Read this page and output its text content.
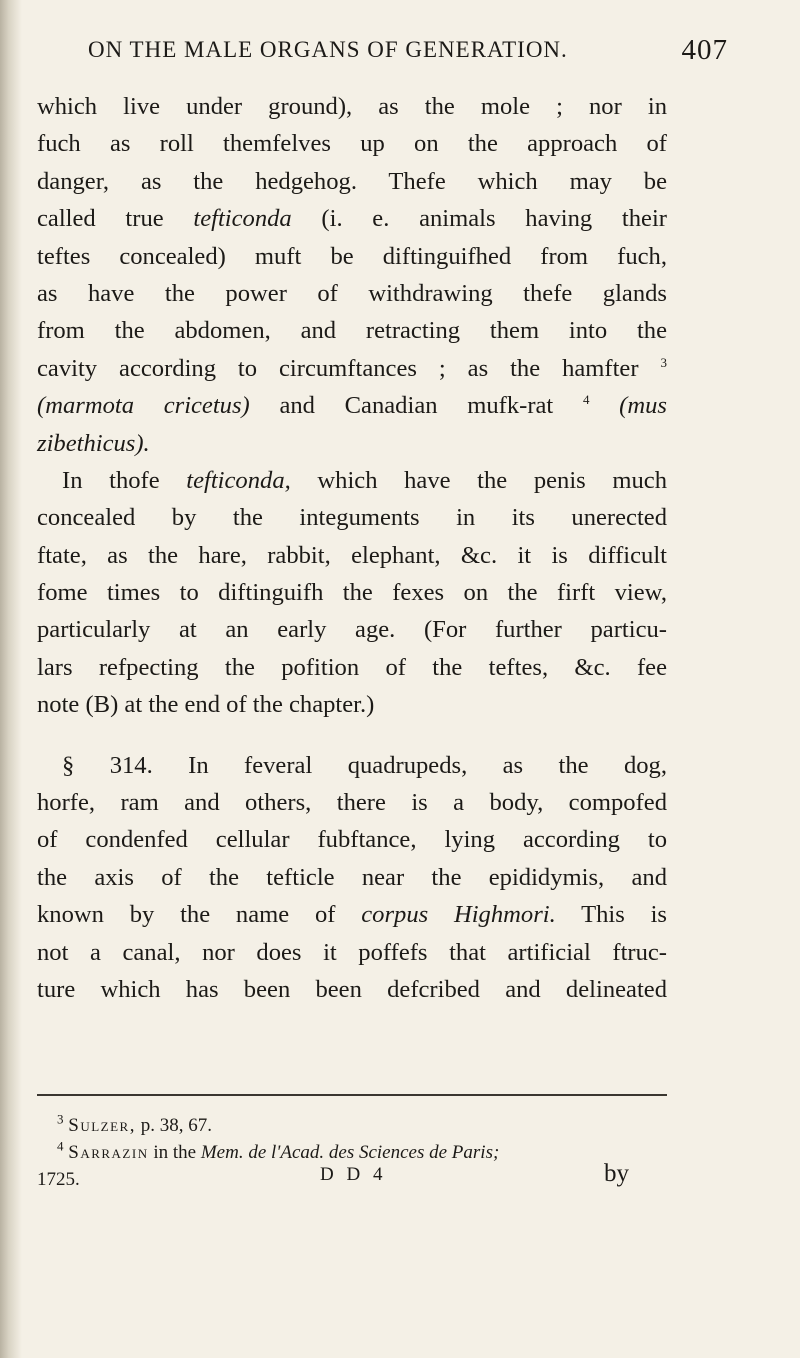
ON THE MALE ORGANS OF GENERATION.	407
which live under ground), as the mole ; nor in
fuch as roll themfelves up on the approach of
danger, as the hedgehog. Thefe which may be
called true tefticonda (i. e. animals having their
teftes concealed) muft be diftinguifhed from fuch,
as have the power of withdrawing thefe glands
from the abdomen, and retracting them into the
cavity according to circumftances ; as the hamfter $^3$
(marmota cricetus) and Canadian mufk-rat $^4$ (mus
zibethicus).
In thofe tefticonda, which have the penis much
concealed by the integuments in its unerected
ftate, as the hare, rabbit, elephant, &c. it is difficult
fome times to diftinguifh the fexes on the firft view,
particularly at an early age. (For further particu-
lars refpecting the pofition of the teftes, &c. fee
note (B) at the end of the chapter.)
§ 314. In feveral quadrupeds, as the dog,
horfe, ram and others, there is a body, compofed
of condenfed cellular fubftance, lying according to
the axis of the tefticle near the epididymis, and
known by the name of corpus Highmori. This is
not a canal, nor does it poffefs that artificial ftruc-
ture which has been been defcribed and delineated
$^3$ Sulzer, p. 38, 67.
$^4$ Sarrazin in the Mem. de l'Acad. des Sciences de Paris;
1725.	D D 4	by
